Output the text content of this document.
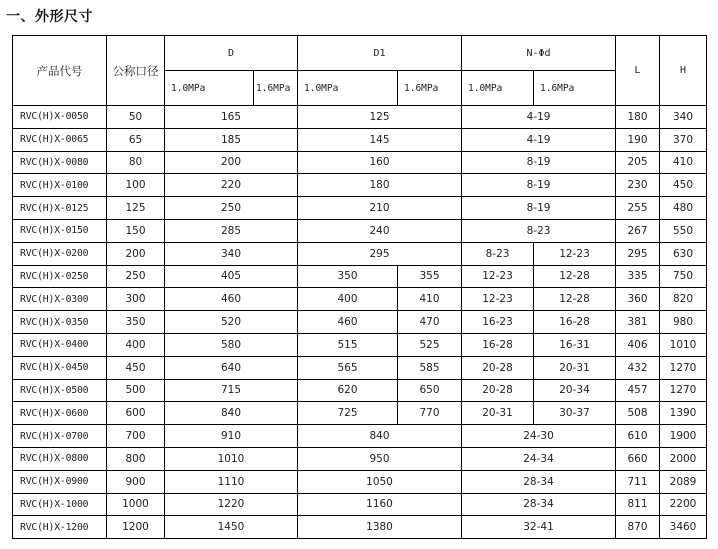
一、外形尺寸
产品代号	公称口径	D		D1		N-Φd		L	H
		1.0MPa	1.6MPa	1.0MPa	1.6MPa	1.0MPa	1.6MPa		
RVC(H)X-0050	50	165		125		4-19		180	340
RVC(H)X-0065	65	185		145		4-19		190	370
RVC(H)X-0080	80	200		160		8-19		205	410
RVC(H)X-0100	100	220		180		8-19		230	450
RVC(H)X-0125	125	250		210		8-19		255	480
RVC(H)X-0150	150	285		240		8-23		267	550
RVC(H)X-0200	200	340		295		8-23	12-23	295	630
RVC(H)X-0250	250	405		350	355	12-23	12-28	335	750
RVC(H)X-0300	300	460		400	410	12-23	12-28	360	820
RVC(H)X-0350	350	520		460	470	16-23	16-28	381	980
RVC(H)X-0400	400	580		515	525	16-28	16-31	406	1010
RVC(H)X-0450	450	640		565	585	20-28	20-31	432	1270
RVC(H)X-0500	500	715		620	650	20-28	20-34	457	1270
RVC(H)X-0600	600	840		725	770	20-31	30-37	508	1390
RVC(H)X-0700	700	910		840		24-30		610	1900
RVC(H)X-0800	800	1010		950		24-34		660	2000
RVC(H)X-0900	900	1110		1050		28-34		711	2089
RVC(H)X-1000	1000	1220		1160		28-34		811	2200
RVC(H)X-1200	1200	1450		1380		32-41		870	3460
